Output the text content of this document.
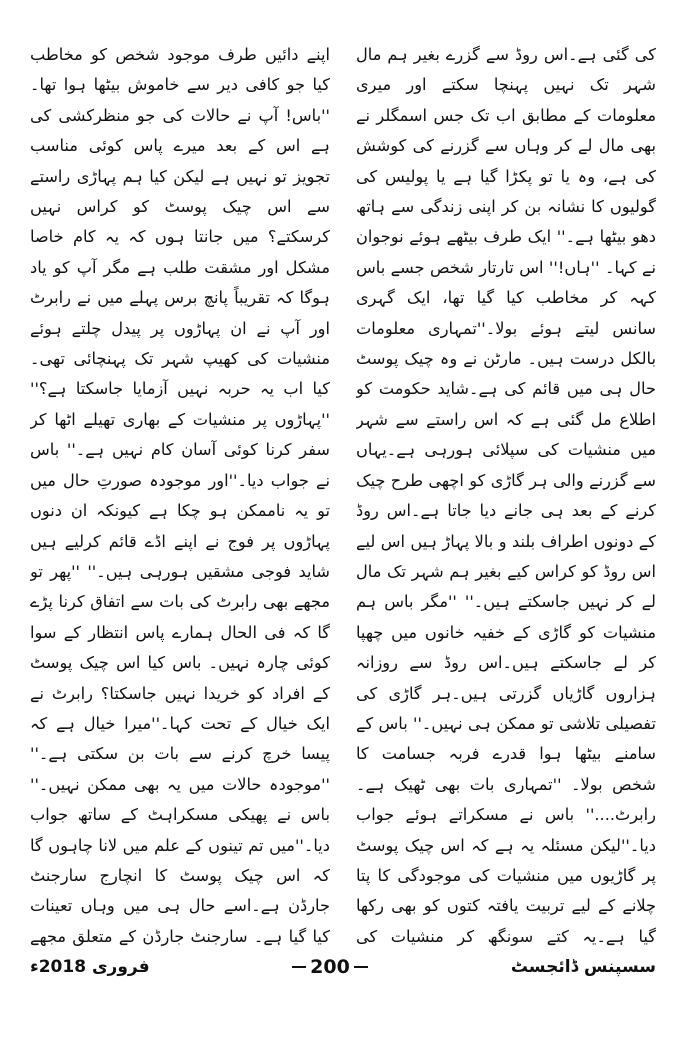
کی گئی ہے۔اس روڈ سے گزرے بغیر ہم مال شہر تک نہیں پہنچا سکتے اور میری معلومات کے مطابق اب تک جس اسمگلر نے بھی مال لے کر وہاں سے گزرنے کی کوشش کی ہے، وہ یا تو پکڑا گیا ہے یا پولیس کی گولیوں کا نشانہ بن کر اپنی زندگی سے ہاتھ دھو بیٹھا ہے۔'' ایک طرف بیٹھے ہوئے نوجوان نے کہا۔ ''ہاں!'' اس تارتار شخص جسے باس کہہ کر مخاطب کیا گیا تھا، ایک گہری سانس لیتے ہوئے بولا۔''تمہاری معلومات بالکل درست ہیں۔ مارٹن نے وہ چیک پوسٹ حال ہی میں قائم کی ہے۔شاید حکومت کو اطلاع مل گئی ہے کہ اس راستے سے شہر میں منشیات کی سپلائی ہورہی ہے۔یہاں سے گزرنے والی ہر گاڑی کو اچھی طرح چیک کرنے کے بعد ہی جانے دیا جاتا ہے۔اس روڈ کے دونوں اطراف بلند و بالا پہاڑ ہیں اس لیے اس روڈ کو کراس کیے بغیر ہم شہر تک مال لے کر نہیں جاسکتے ہیں۔'' ''مگر باس ہم منشیات کو گاڑی کے خفیہ خانوں میں چھپا کر لے جاسکتے ہیں۔اس روڈ سے روزانہ ہزاروں گاڑیاں گزرتی ہیں۔ہر گاڑی کی تفصیلی تلاشی تو ممکن ہی نہیں۔'' باس کے سامنے بیٹھا ہوا قدرے فربہ جسامت کا شخص بولا۔ ''تمہاری بات بھی ٹھیک ہے۔ رابرٹ....'' باس نے مسکراتے ہوئے جواب دیا۔''لیکن مسئلہ یہ ہے کہ اس چیک پوسٹ پر گاڑیوں میں منشیات کی موجودگی کا پتا چلانے کے لیے تربیت یافتہ کتوں کو بھی رکھا گیا ہے۔یہ کتے سونگھ کر منشیات کی

اپنے دائیں طرف موجود شخص کو مخاطب کیا جو کافی دیر سے خاموش بیٹھا ہوا تھا۔ ''باس! آپ نے حالات کی جو منظرکشی کی ہے اس کے بعد میرے پاس کوئی مناسب تجویز تو نہیں ہے لیکن کیا ہم پہاڑی راستے سے اس چیک پوسٹ کو کراس نہیں کرسکتے؟ میں جانتا ہوں کہ یہ کام خاصا مشکل اور مشقت طلب ہے مگر آپ کو یاد ہوگا کہ تقریباً پانچ برس پہلے میں نے رابرٹ اور آپ نے ان پہاڑوں پر پیدل چلتے ہوئے منشیات کی کھیپ شہر تک پہنچائی تھی۔ کیا اب یہ حربہ نہیں آزمایا جاسکتا ہے؟'' ''پہاڑوں پر منشیات کے بھاری تھیلے اٹھا کر سفر کرنا کوئی آسان کام نہیں ہے۔'' باس نے جواب دیا۔''اور موجودہ صورتِ حال میں تو یہ ناممکن ہو چکا ہے کیونکہ ان دنوں پہاڑوں پر فوج نے اپنے اڈے قائم کرلیے ہیں شاید فوجی مشقیں ہورہی ہیں۔'' ''پھر تو مجھے بھی رابرٹ کی بات سے اتفاق کرنا پڑے گا کہ فی الحال ہمارے پاس انتظار کے سوا کوئی چارہ نہیں۔ باس کیا اس چیک پوسٹ کے افراد کو خریدا نہیں جاسکتا؟ رابرٹ نے ایک خیال کے تحت کہا۔''میرا خیال ہے کہ پیسا خرچ کرنے سے بات بن سکتی ہے۔'' ''موجودہ حالات میں یہ بھی ممکن نہیں۔'' باس نے پھیکی مسکراہٹ کے ساتھ جواب دیا۔''میں تم تینوں کے علم میں لانا چاہوں گا کہ اس چیک پوسٹ کا انچارج سارجنٹ جارڈن ہے۔اسے حال ہی میں وہاں تعینات کیا گیا ہے۔ سارجنٹ جارڈن کے متعلق مجھے

سسپنس ڈائجسٹ
200
فروری 2018ء
